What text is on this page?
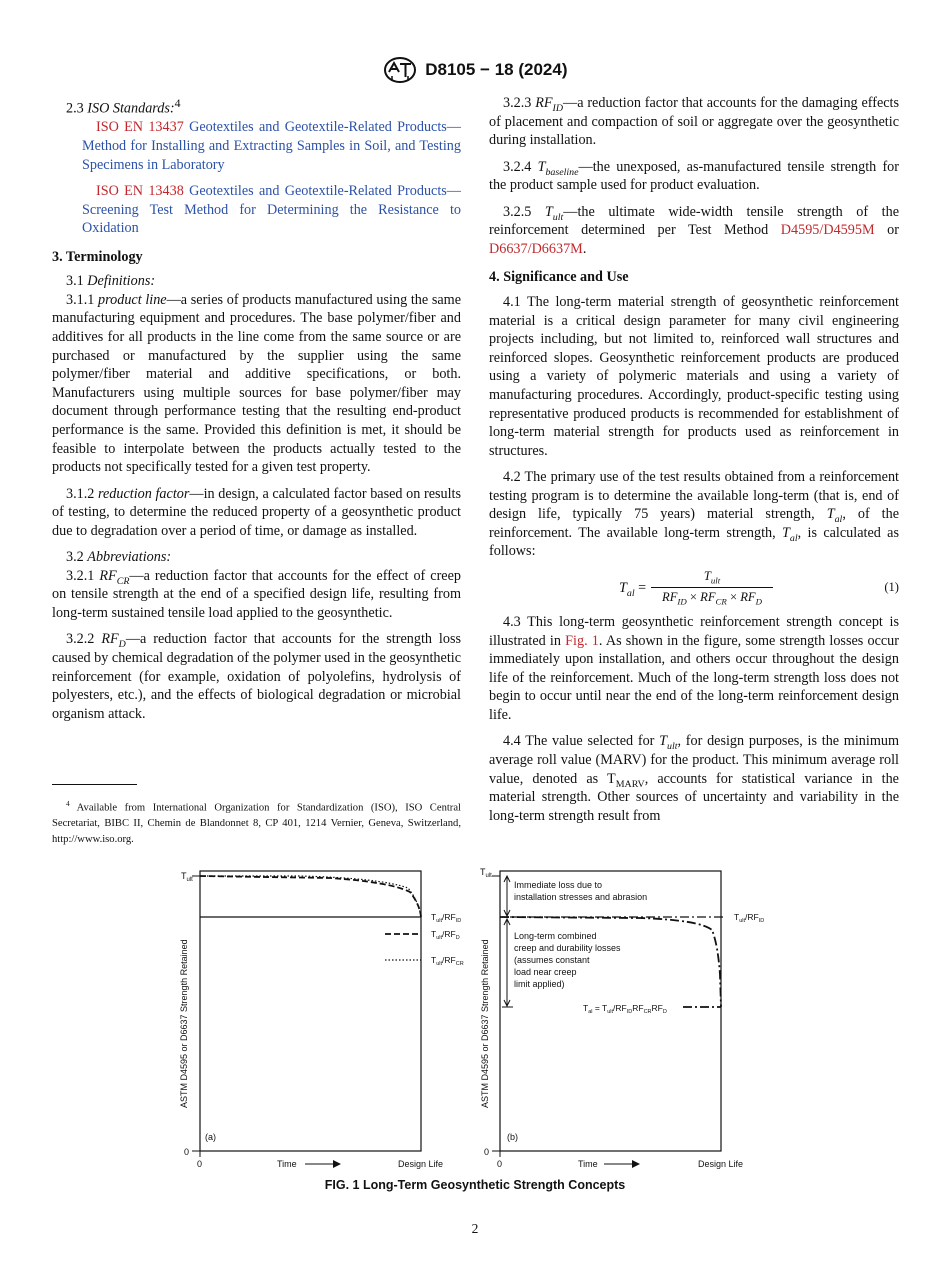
D8105 − 18 (2024)

2.3 ISO Standards:$^4$

ISO EN 13437 Geotextiles and Geotextile-Related Products—Method for Installing and Extracting Samples in Soil, and Testing Specimens in Laboratory

ISO EN 13438 Geotextiles and Geotextile-Related Products—Screening Test Method for Determining the Resistance to Oxidation

3. Terminology

3.1 Definitions:

3.1.1 product line—a series of products manufactured using the same manufacturing equipment and procedures. The base polymer/fiber and additives for all products in the line come from the same source or are purchased or manufactured by the supplier using the same polymer/fiber material and additive specifications, or both. Manufacturers using multiple sources for base polymer/fiber may document through performance testing that the resulting end-product performance is the same. Provided this definition is met, it should be feasible to interpolate between the products actually tested to the products not specifically tested for a given test property.

3.1.2 reduction factor—in design, a calculated factor based on results of testing, to determine the reduced property of a geosynthetic product due to degradation over a period of time, or damage as installed.

3.2 Abbreviations:

3.2.1 $RF_{CR}—a$ reduction factor that accounts for the effect of creep on tensile strength at the end of a specified design life, resulting from long-term sustained tensile load applied to the geosynthetic.

3.2.2 $RF_D—a$ reduction factor that accounts for the strength loss caused by chemical degradation of the polymer used in the geosynthetic reinforcement (for example, oxidation of polyolefins, hydrolysis of polyesters, etc.), and the effects of biological degradation or microbial organism attack.

$^4$ Available from International Organization for Standardization (ISO), ISO Central Secretariat, BIBC II, Chemin de Blandonnet 8, CP 401, 1214 Vernier, Geneva, Switzerland, http://www.iso.org.

3.2.3 $RF_{ID}—a$ reduction factor that accounts for the damaging effects of placement and compaction of soil or aggregate over the geosynthetic during installation.

3.2.4 $T_{baseline}—the$ unexposed, as-manufactured tensile strength for the product sample used for product evaluation.

3.2.5 $T_{ult}—the$ ultimate wide-width tensile strength of the reinforcement determined per Test Method D4595/D4595M or D6637/D6637M.

4. Significance and Use

4.1 The long-term material strength of geosynthetic reinforcement material is a critical design parameter for many civil engineering projects including, but not limited to, reinforced wall structures and reinforced slopes. Geosynthetic reinforcement products are produced using a variety of polymeric materials and using a variety of manufacturing procedures. Accordingly, product-specific testing using representative produced products is recommended for establishment of long-term material strength for products used as reinforcement in structures.

4.2 The primary use of the test results obtained from a reinforcement testing program is to determine the available long-term (that is, end of design life, typically 75 years) material strength, $T_{al}$, of the reinforcement. The available long-term strength, $T_{al}$, is calculated as follows:

$T_{al}$ =
$T_{ult}$
$RF_{ID} \times RF_{CR} \times RF_D$
(1)

4.3 This long-term geosynthetic reinforcement strength concept is illustrated in Fig. 1. As shown in the figure, some strength losses occur immediately upon installation, and others occur throughout the design life of the reinforcement. Much of the long-term strength loss does not begin to occur until near the end of the long-term reinforcement design life.

4.4 The value selected for $T_{ult}$, for design purposes, is the minimum average roll value (MARV) for the product. This minimum average roll value, denoted as $T_{MARV}$, accounts for statistical variance in the material strength. Other sources of uncertainty and variability in the long-term strength result from

$T_{ult}$
0
0
(a)
Time	Design Life
ASTM D4595 or D6637 Strength Retained
$T_{ult}/RF_{ID}$
$T_{ult}/RF_D$
$T_{ult}/RF_{CR}$
$T_{ult}$
0
0
(b)
Time	Design Life
ASTM D4595 or D6637 Strength Retained
Immediate loss due to
installation stresses and abrasion
Long-term combined
creep and durability losses
(assumes constant
load near creep
limit applied)
$T_{ult}/RF_{ID}$
$T_{al} = T_{ult}/RF_{ID}RF_{CR}RF_D$
FIG. 1 Long-Term Geosynthetic Strength Concepts
2
